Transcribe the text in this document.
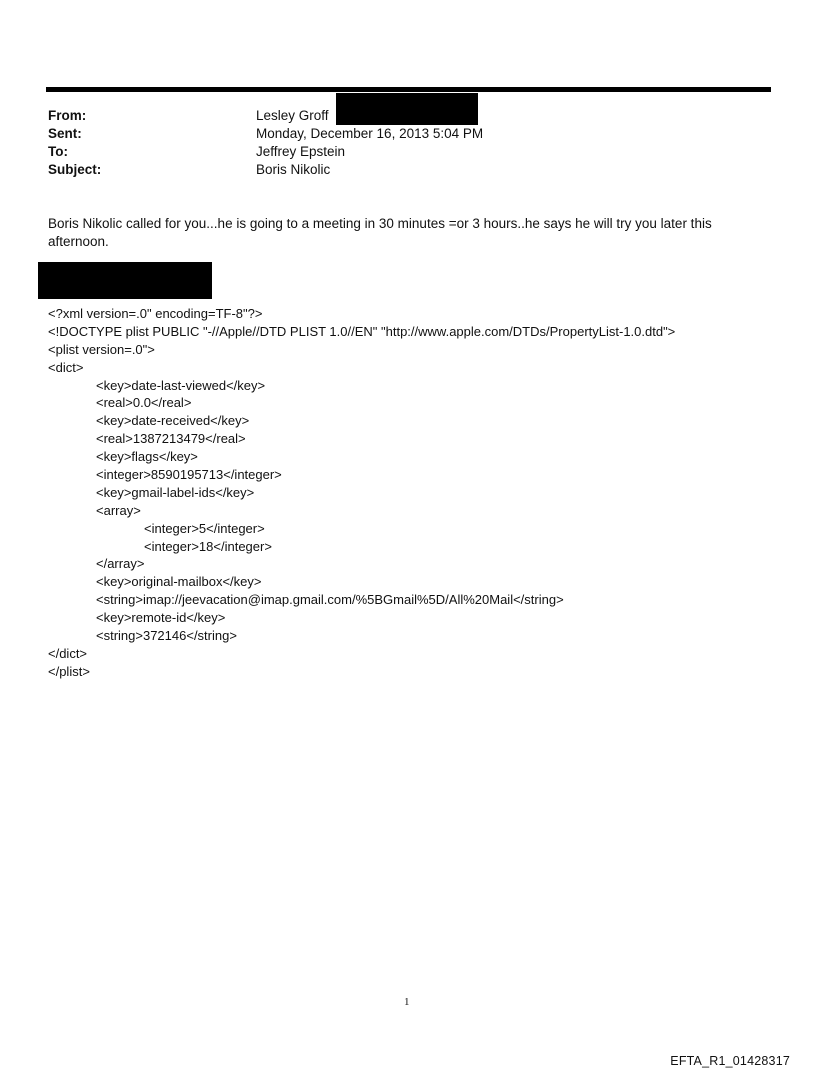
From:	Lesley Groff
Sent:	Monday, December 16, 2013 5:04 PM
To:	Jeffrey Epstein
Subject:	Boris Nikolic
Boris Nikolic called for you...he is going to a meeting in 30 minutes =or 3 hours..he says he will try you later this afternoon.
<?xml version=.0" encoding=TF-8"?>
<!DOCTYPE plist PUBLIC "-//Apple//DTD PLIST 1.0//EN" "http://www.apple.com/DTDs/PropertyList-1.0.dtd">
<plist version=.0">
<dict>
<key>date-last-viewed</key>
<real>0.0</real>
<key>date-received</key>
<real>1387213479</real>
<key>flags</key>
<integer>8590195713</integer>
<key>gmail-label-ids</key>
<array>
<integer>5</integer>
<integer>18</integer>
</array>
<key>original-mailbox</key>
<string>imap://jeevacation@imap.gmail.com/%5BGmail%5D/All%20Mail</string>
<key>remote-id</key>
<string>372146</string>
</dict>
</plist>
1
EFTA_R1_01428317
